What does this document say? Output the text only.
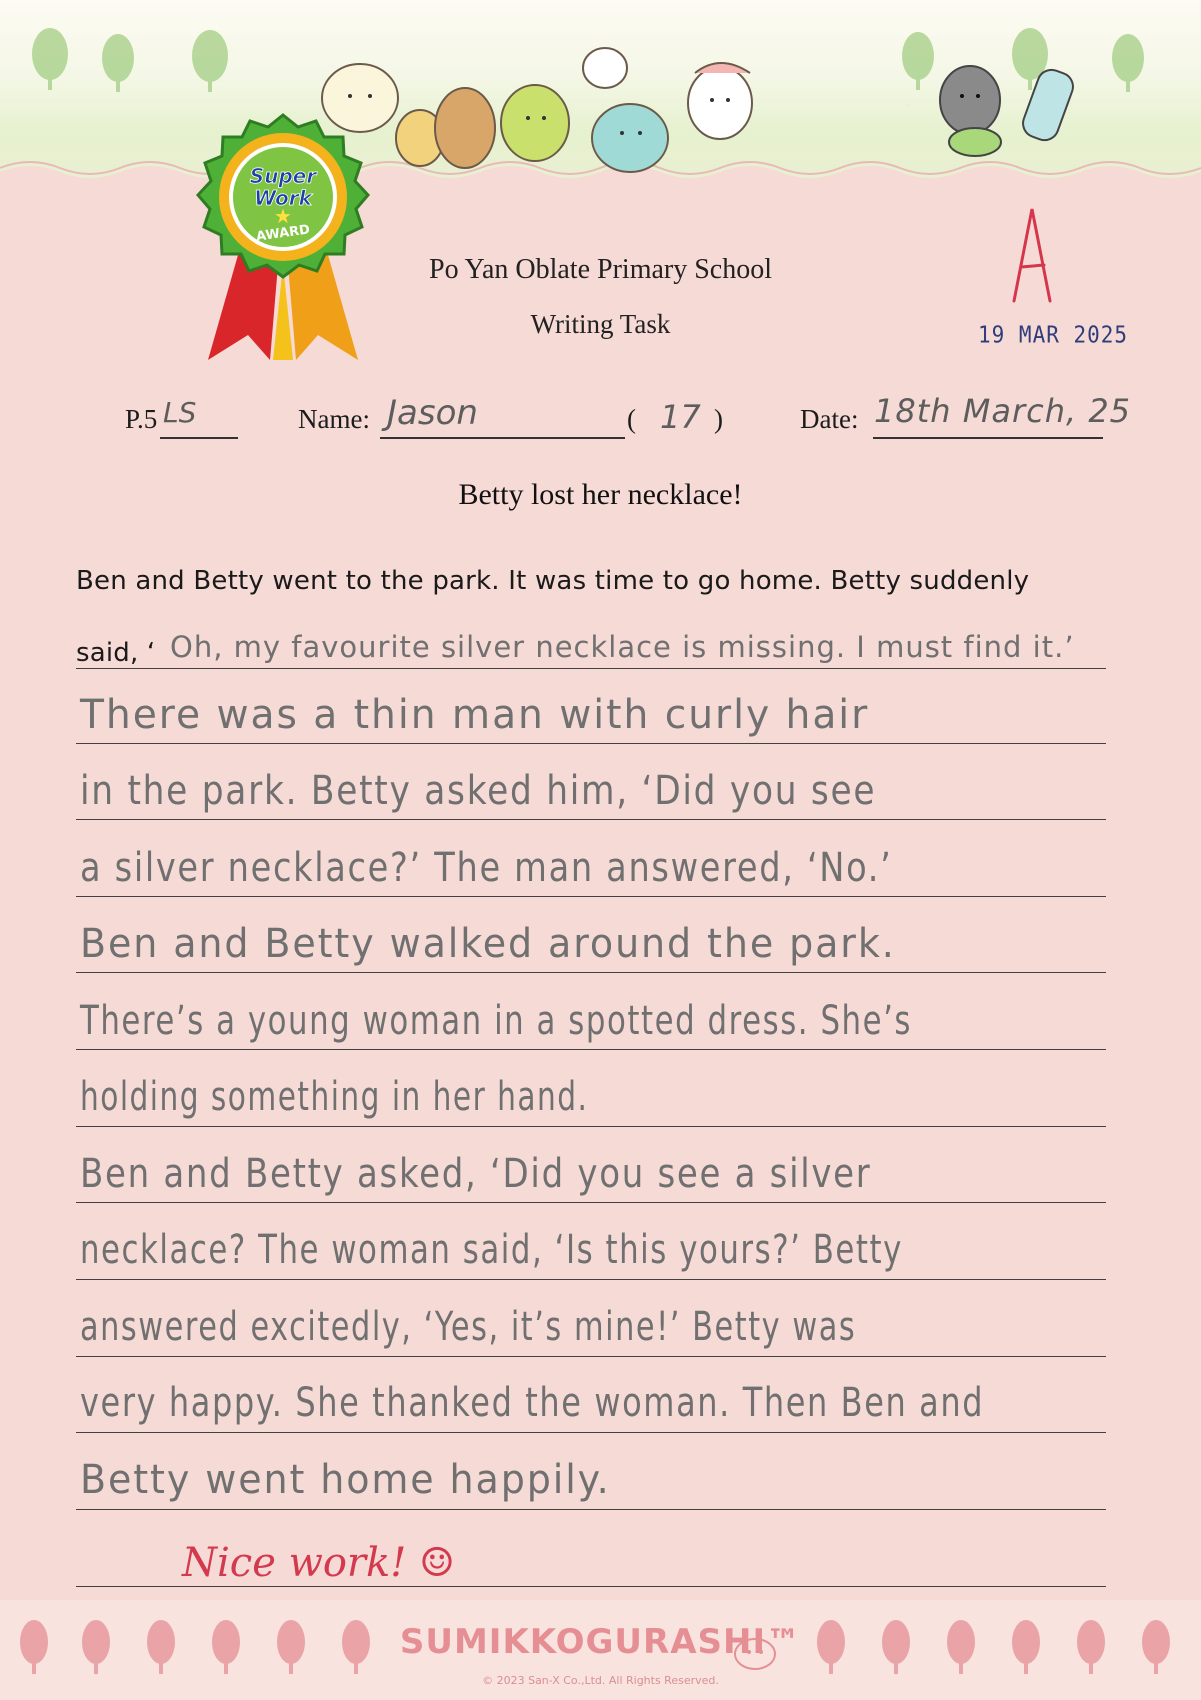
Super
Work
AWARD
★
Po Yan Oblate Primary School
Writing Task
A
19 MAR 2025
P.5 LS	Name: Jason	( 17 )	Date: 18th March, 25
Betty lost her necklace!
Ben and Betty went to the park. It was time to go home. Betty suddenly
said, ‘ Oh, my favourite silver necklace is missing. I must find it.’
There was a thin man with curly hair
in the park. Betty asked him, ‘Did you see
a silver necklace?’ The man answered, ‘No.’
Ben and Betty walked around the park.
There’s a young woman in a spotted dress. She’s
holding something in her hand.
Ben and Betty asked, ‘Did you see a silver
necklace? The woman said, ‘Is this yours?’ Betty
answered excitedly, ‘Yes, it’s mine!’ Betty was
very happy. She thanked the woman. Then Ben and
Betty went home happily.
Nice work! ☺
SUMIKKOGURASHI™
© 2023 San-X Co.,Ltd. All Rights Reserved.
